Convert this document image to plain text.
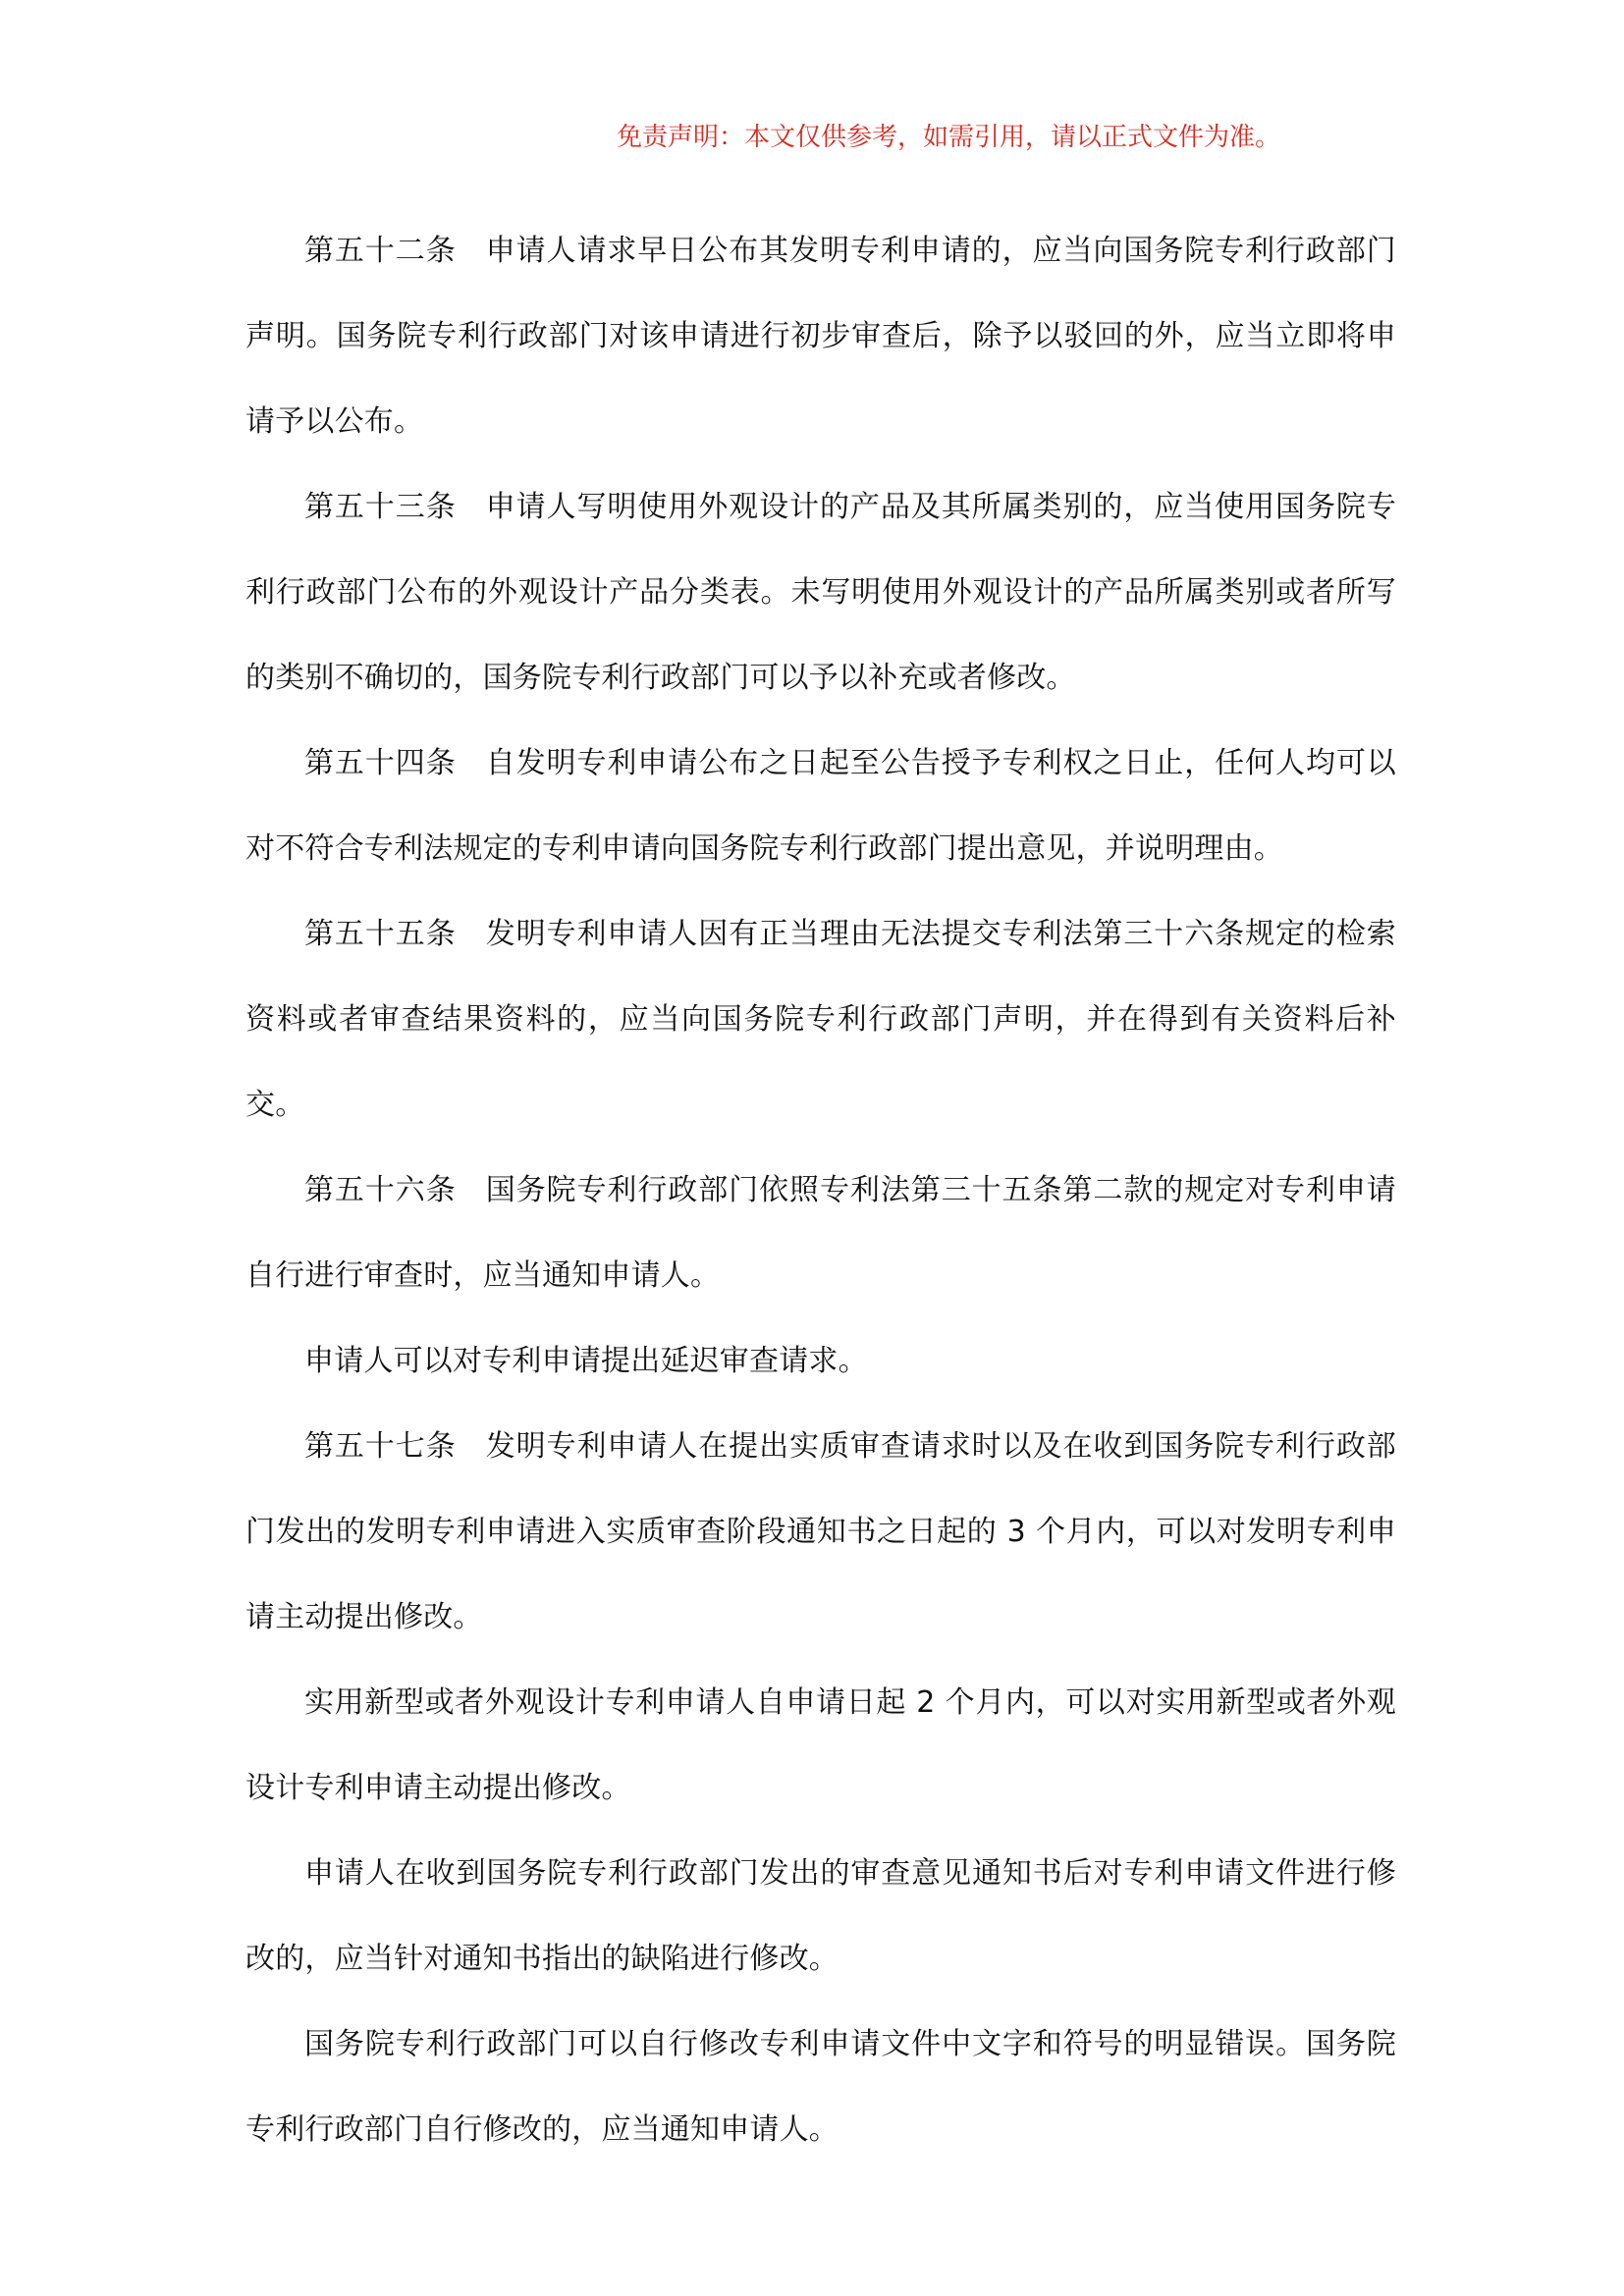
免责声明：本文仅供参考，如需引用，请以正式文件为准。

第五十二条 申请人请求早日公布其发明专利申请的，应当向国务院专利行政部门声明。国务院专利行政部门对该申请进行初步审查后，除予以驳回的外，应当立即将申请予以公布。

第五十三条 申请人写明使用外观设计的产品及其所属类别的，应当使用国务院专利行政部门公布的外观设计产品分类表。未写明使用外观设计的产品所属类别或者所写的类别不确切的，国务院专利行政部门可以予以补充或者修改。

第五十四条 自发明专利申请公布之日起至公告授予专利权之日止，任何人均可以对不符合专利法规定的专利申请向国务院专利行政部门提出意见，并说明理由。

第五十五条 发明专利申请人因有正当理由无法提交专利法第三十六条规定的检索资料或者审查结果资料的，应当向国务院专利行政部门声明，并在得到有关资料后补交。

第五十六条 国务院专利行政部门依照专利法第三十五条第二款的规定对专利申请自行进行审查时，应当通知申请人。

申请人可以对专利申请提出延迟审查请求。

第五十七条 发明专利申请人在提出实质审查请求时以及在收到国务院专利行政部门发出的发明专利申请进入实质审查阶段通知书之日起的 3 个月内，可以对发明专利申请主动提出修改。

实用新型或者外观设计专利申请人自申请日起 2 个月内，可以对实用新型或者外观设计专利申请主动提出修改。

申请人在收到国务院专利行政部门发出的审查意见通知书后对专利申请文件进行修改的，应当针对通知书指出的缺陷进行修改。

国务院专利行政部门可以自行修改专利申请文件中文字和符号的明显错误。国务院专利行政部门自行修改的，应当通知申请人。
